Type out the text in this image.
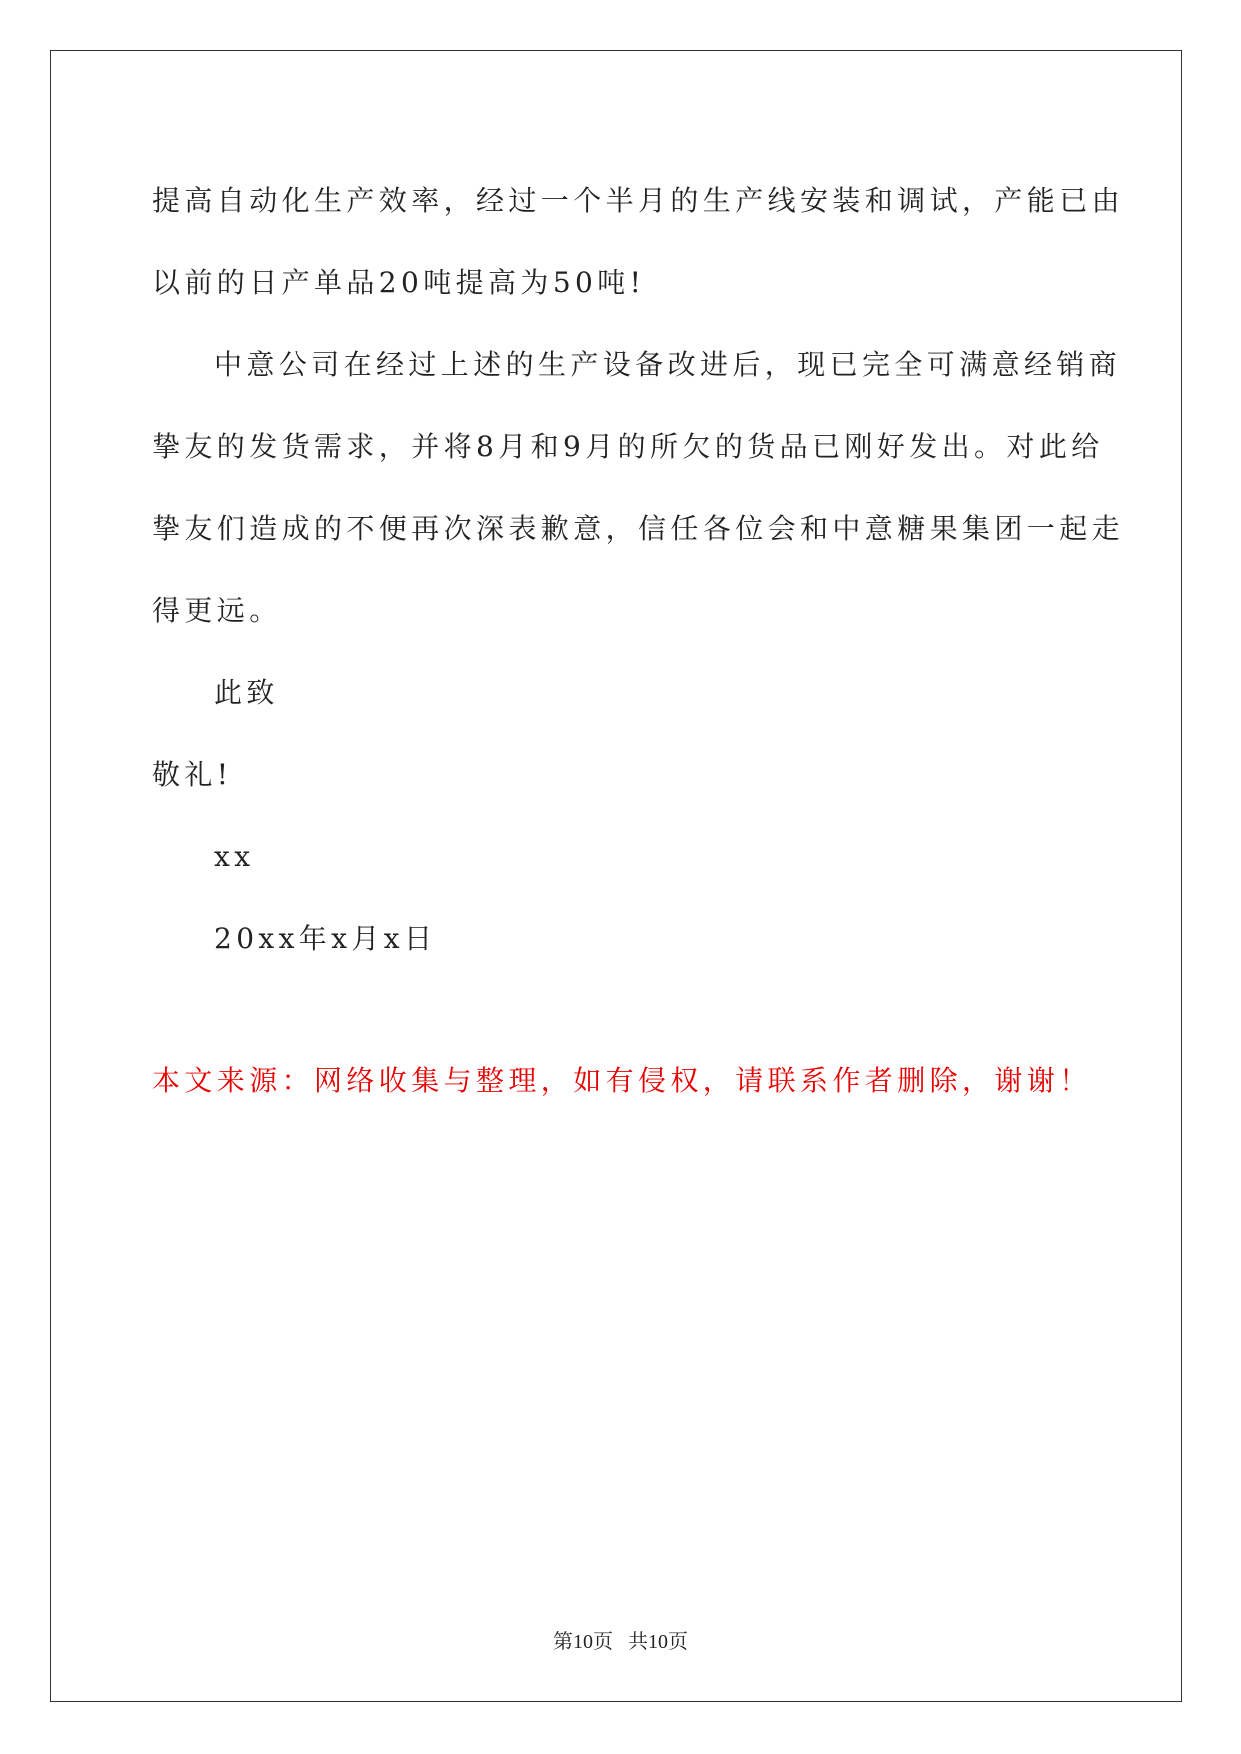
提高自动化生产效率，经过一个半月的生产线安装和调试，产能已由
以前的日产单品20吨提高为50吨!
中意公司在经过上述的生产设备改进后，现已完全可满意经销商
挚友的发货需求，并将8月和9月的所欠的货品已刚好发出。对此给
挚友们造成的不便再次深表歉意，信任各位会和中意糖果集团一起走
得更远。
此致
敬礼!
xx
20xx年x月x日
本文来源：网络收集与整理，如有侵权，请联系作者删除，谢谢！
第10页   共10页
